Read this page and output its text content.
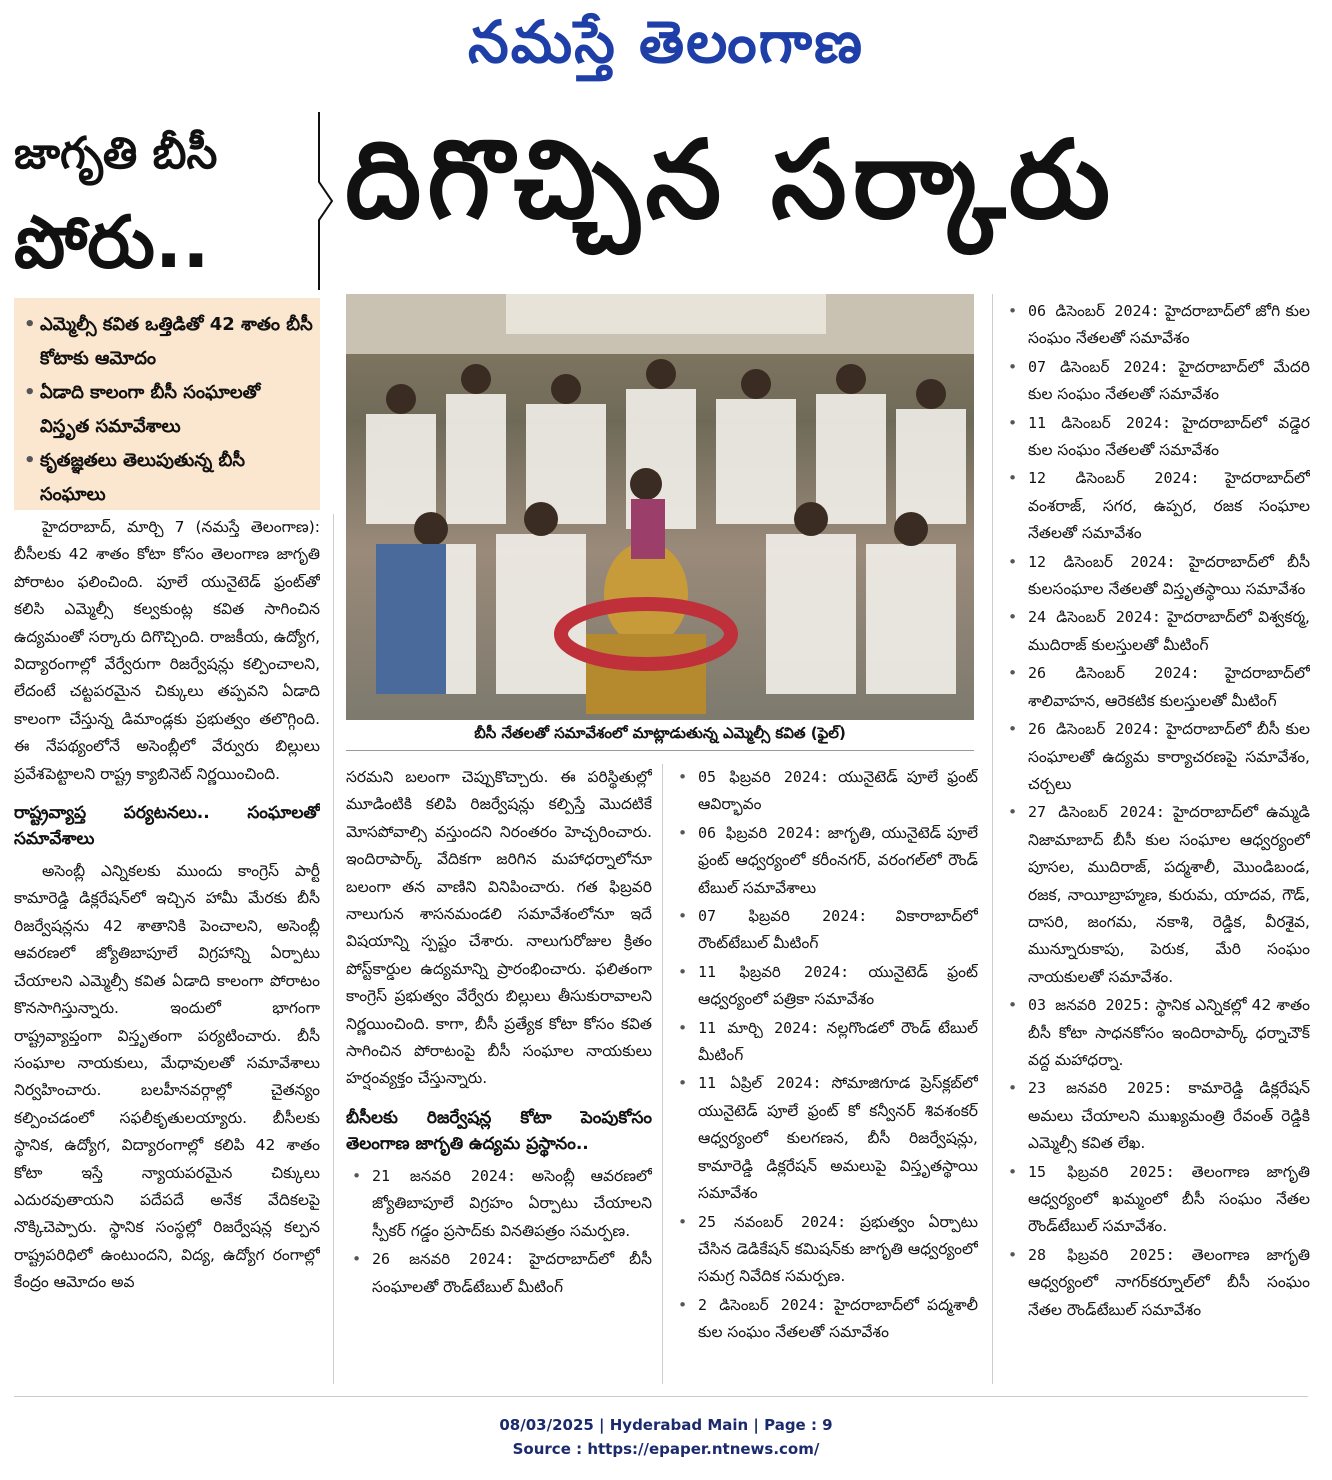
నమస్తే తెలంగాణ
జాగృతి బీసీ
పోరు.. దిగొచ్చిన సర్కారు
• ఎమ్మెల్సీ కవిత ఒత్తిడితో 42 శాతం బీసీ కోటాకు ఆమోదం
• ఏడాది కాలంగా బీసీ సంఘాలతో విస్తృత సమావేశాలు
• కృతజ్ఞతలు తెలుపుతున్న బీసీ సంఘాలు

హైదరాబాద్, మార్చి 7 (నమస్తే తెలంగాణ): బీసీలకు 42 శాతం కోటా కోసం తెలంగాణ జాగృతి పోరాటం ఫలించింది. పూలే యునైటెడ్ ఫ్రంట్‌తో కలిసి ఎమ్మెల్సీ కల్వకుంట్ల కవిత సాగించిన ఉద్యమంతో సర్కారు దిగొచ్చింది. రాజకీయ, ఉద్యోగ, విద్యారంగాల్లో వేర్వేరుగా రిజర్వేషన్లు కల్పించాలని, లేదంటే చట్టపరమైన చిక్కులు తప్పవని ఏడాది కాలంగా చేస్తున్న డిమాండ్లకు ప్రభుత్వం తలొగ్గింది. ఈ నేపథ్యంలోనే అసెంబ్లీలో వేర్వురు బిల్లులు ప్రవేశపెట్టాలని రాష్ట్ర క్యాబినెట్ నిర్ణయించింది.

రాష్ట్రవ్యాప్త పర్యటనలు.. సంఘాలతో సమావేశాలు

అసెంబ్లీ ఎన్నికలకు ముందు కాంగ్రెస్ పార్టీ కామారెడ్డి డిక్లరేషన్‌లో ఇచ్చిన హామీ మేరకు బీసీ రిజర్వేషన్లను 42 శాతానికి పెంచాలని, అసెంబ్లీ ఆవరణలో జ్యోతిబాపూలే విగ్రహాన్ని ఏర్పాటు చేయాలని ఎమ్మెల్సీ కవిత ఏడాది కాలంగా పోరాటం కొనసాగిస్తున్నారు. ఇందులో భాగంగా రాష్ట్రవ్యాప్తంగా విస్తృతంగా పర్యటించారు. బీసీ సంఘాల నాయకులు, మేధావులతో సమావేశాలు నిర్వహించారు. బలహీనవర్గాల్లో చైతన్యం కల్పించడంలో సఫలీకృతులయ్యారు. బీసీలకు స్థానిక, ఉద్యోగ, విద్యారంగాల్లో కలిపి 42 శాతం కోటా ఇస్తే న్యాయపరమైన చిక్కులు ఎదురవుతాయని పదేపదే అనేక వేదికలపై నొక్కిచెప్పారు. స్థానిక సంస్థల్లో రిజర్వేషన్ల కల్పన రాష్ట్రపరిధిలో ఉంటుందని, విద్య, ఉద్యోగ రంగాల్లో కేంద్రం ఆమోదం అవ

బీసీ నేతలతో సమావేశంలో మాట్లాడుతున్న ఎమ్మెల్సీ కవిత (ఫైల్)

సరమని బలంగా చెప్పుకొచ్చారు. ఈ పరిస్థితుల్లో మూడింటికి కలిపి రిజర్వేషన్లు కల్పిస్తే మొదటికే మోసపోవాల్సి వస్తుందని నిరంతరం హెచ్చరించారు. ఇందిరాపార్క్ వేదికగా జరిగిన మహాధర్నాలోనూ బలంగా తన వాణిని వినిపించారు. గత ఫిబ్రవరి నాలుగున శాసనమండలి సమావేశంలోనూ ఇదే విషయాన్ని స్పష్టం చేశారు. నాలుగురోజుల క్రితం పోస్ట్‌కార్డుల ఉద్యమాన్ని ప్రారంభించారు. ఫలితంగా కాంగ్రెస్ ప్రభుత్వం వేర్వేరు బిల్లులు తీసుకురావాలని నిర్ణయించింది. కాగా, బీసీ ప్రత్యేక కోటా కోసం కవిత సాగించిన పోరాటంపై బీసీ సంఘాల నాయకులు హర్షంవ్యక్తం చేస్తున్నారు.

బీసీలకు రిజర్వేషన్ల కోటా పెంపుకోసం తెలంగాణ జాగృతి ఉద్యమ ప్రస్థానం..
• 21 జనవరి 2024: అసెంబ్లీ ఆవరణలో జ్యోతిబాపూలే విగ్రహం ఏర్పాటు చేయాలని స్పీకర్ గడ్డం ప్రసాద్‌కు వినతిపత్రం సమర్పణ.
• 26 జనవరి 2024: హైదరాబాద్‌లో బీసీ సంఘాలతో రౌండ్‌టేబుల్ మీటింగ్
• 05 ఫిబ్రవరి 2024: యునైటెడ్ పూలే ఫ్రంట్ ఆవిర్భావం
• 06 ఫిబ్రవరి 2024: జాగృతి, యునైటెడ్ పూలే ఫ్రంట్ ఆధ్వర్యంలో కరీంనగర్, వరంగల్‌లో రౌండ్ టేబుల్ సమావేశాలు
• 07 ఫిబ్రవరి 2024: వికారాబాద్‌లో రౌంట్‌టేబుల్ మీటింగ్
• 11 ఫిబ్రవరి 2024: యునైటెడ్ ఫ్రంట్ ఆధ్వర్యంలో పత్రికా సమావేశం
• 11 మార్చి 2024: నల్లగొండలో రౌండ్ టేబుల్ మీటింగ్
• 11 ఏప్రిల్ 2024: సోమాజిగూడ ప్రెస్‌క్లబ్‌లో యునైటెడ్ పూలే ఫ్రంట్ కో కన్వీనర్ శివశంకర్ ఆధ్వర్యంలో కులగణన, బీసీ రిజర్వేషన్లు, కామారెడ్డి డిక్లరేషన్ అమలుపై విస్తృతస్థాయి సమావేశం
• 25 నవంబర్ 2024: ప్రభుత్వం ఏర్పాటు చేసిన డెడికేషన్ కమిషన్‌కు జాగృతి ఆధ్వర్యంలో సమగ్ర నివేదిక సమర్పణ.
• 2 డిసెంబర్ 2024: హైదరాబాద్‌లో పద్మశాలీ కుల సంఘం నేతలతో సమావేశం
• 06 డిసెంబర్ 2024: హైదరాబాద్‌లో జోగి కుల సంఘం నేతలతో సమావేశం
• 07 డిసెంబర్ 2024: హైదరాబాద్‌లో మేదరి కుల సంఘం నేతలతో సమావేశం
• 11 డిసెంబర్ 2024: హైదరాబాద్‌లో వడ్డెర కుల సంఘం నేతలతో సమావేశం
• 12 డిసెంబర్ 2024: హైదరాబాద్‌లో వంశరాజ్, సగర, ఉప్పర, రజక సంఘాల నేతలతో సమావేశం
• 12 డిసెంబర్ 2024: హైదరాబాద్‌లో బీసీ కులసంఘాల నేతలతో విస్తృతస్థాయి సమావేశం
• 24 డిసెంబర్ 2024: హైదరాబాద్‌లో విశ్వకర్మ, ముదిరాజ్ కులస్తులతో మీటింగ్
• 26 డిసెంబర్ 2024: హైదరాబాద్‌లో శాలివాహన, ఆరెకటిక కులస్తులతో మీటింగ్
• 26 డిసెంబర్ 2024: హైదరాబాద్‌లో బీసీ కుల సంఘాలతో ఉద్యమ కార్యాచరణపై సమావేశం, చర్చలు
• 27 డిసెంబర్ 2024: హైదరాబాద్‌లో ఉమ్మడి నిజామాబాద్ బీసీ కుల సంఘాల ఆధ్వర్యంలో పూసల, ముదిరాజ్, పద్మశాలీ, మొండిబండ, రజక, నాయీబ్రాహ్మణ, కురుమ, యాదవ, గౌడ్, దాసరి, జంగమ, నకాశి, రెడ్డిక, వీరశైవ, మున్నూరుకాపు, పెరుక, మేరి సంఘం నాయకులతో సమావేశం.
• 03 జనవరి 2025: స్థానిక ఎన్నికల్లో 42 శాతం బీసీ కోటా సాధనకోసం ఇందిరాపార్క్ ధర్నాచౌక్ వద్ద మహాధర్నా.
• 23 జనవరి 2025: కామారెడ్డి డిక్లరేషన్ అమలు చేయాలని ముఖ్యమంత్రి రేవంత్ రెడ్డికి ఎమ్మెల్సీ కవిత లేఖ.
• 15 ఫిబ్రవరి 2025: తెలంగాణ జాగృతి ఆధ్వర్యంలో ఖమ్మంలో బీసీ సంఘం నేతల రౌండ్‌టేబుల్ సమావేశం.
• 28 ఫిబ్రవరి 2025: తెలంగాణ జాగృతి ఆధ్వర్యంలో నాగర్‌కర్నూల్‌లో బీసీ సంఘం నేతల రౌండ్‌టేబుల్ సమావేశం
08/03/2025 | Hyderabad Main | Page : 9
Source : https://epaper.ntnews.com/
